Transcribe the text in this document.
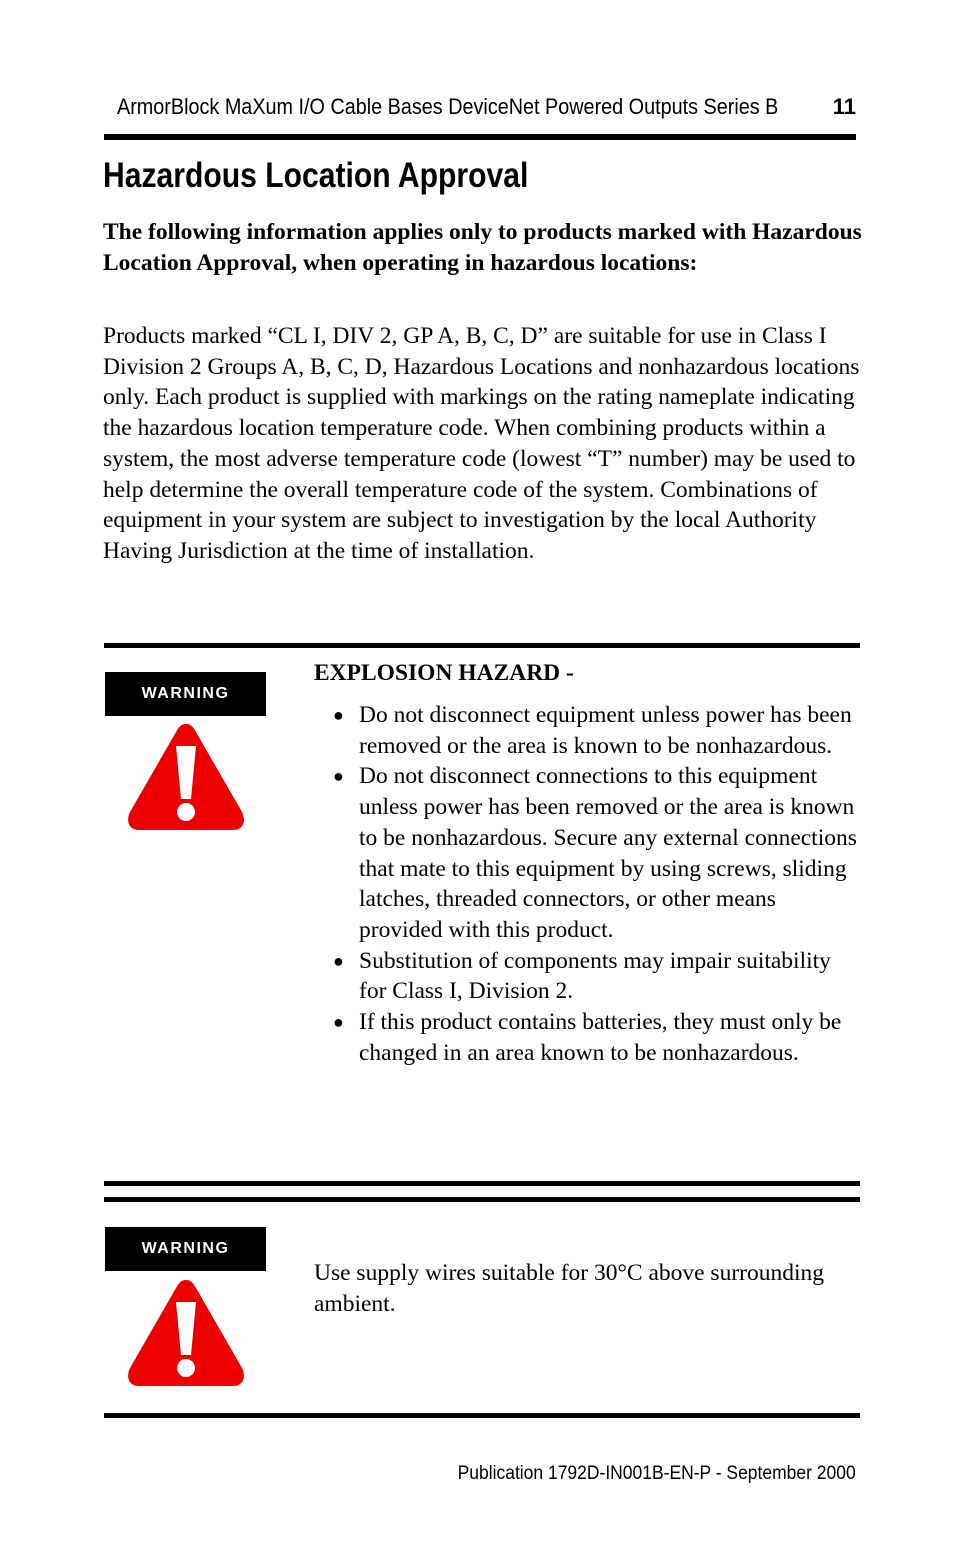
ArmorBlock MaXum I/O Cable Bases DeviceNet Powered Outputs Series B 11
Hazardous Location Approval
The following information applies only to products marked with Hazardous Location Approval, when operating in hazardous locations:
Products marked “CL I, DIV 2, GP A, B, C, D” are suitable for use in Class I Division 2 Groups A, B, C, D, Hazardous Locations and nonhazardous locations only. Each product is supplied with markings on the rating nameplate indicating the hazardous location temperature code. When combining products within a system, the most adverse temperature code (lowest “T” number) may be used to help determine the overall temperature code of the system. Combinations of equipment in your system are subject to investigation by the local Authority Having Jurisdiction at the time of installation.
WARNING
EXPLOSION HAZARD -
● Do not disconnect equipment unless power has been removed or the area is known to be nonhazardous.
● Do not disconnect connections to this equipment unless power has been removed or the area is known to be nonhazardous. Secure any external connections that mate to this equipment by using screws, sliding latches, threaded connectors, or other means provided with this product.
● Substitution of components may impair suitability for Class I, Division 2.
● If this product contains batteries, they must only be changed in an area known to be nonhazardous.
WARNING
Use supply wires suitable for 30°C above surrounding ambient.
Publication 1792D-IN001B-EN-P - September 2000
